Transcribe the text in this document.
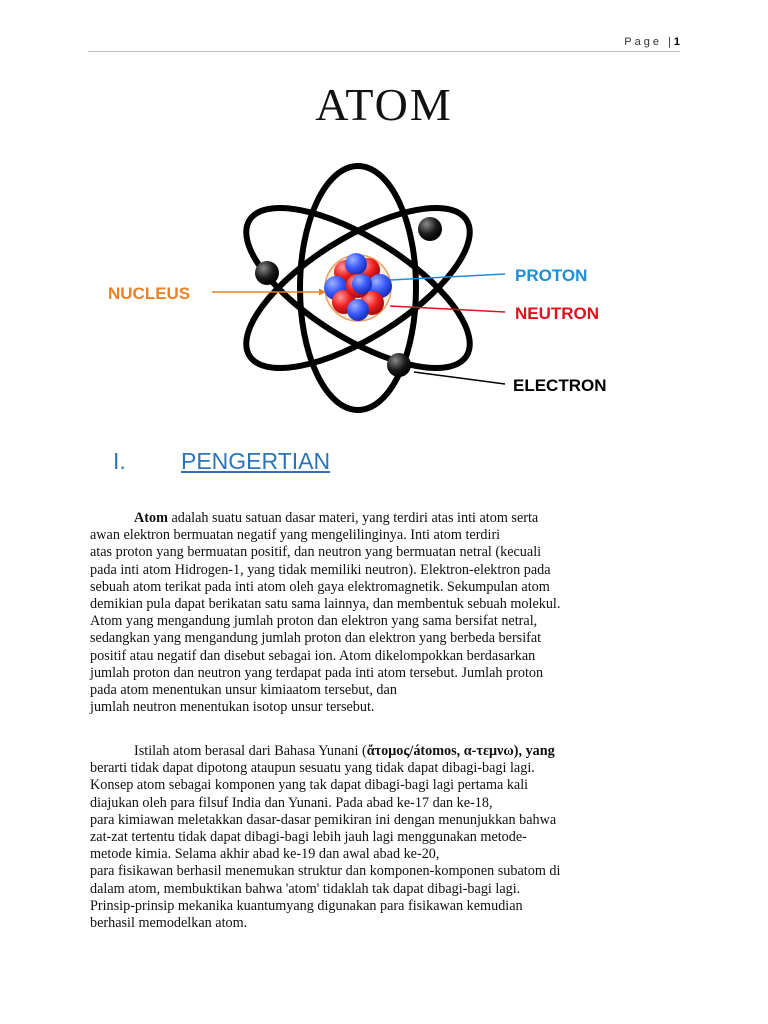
Page | 1
ATOM
NUCLEUS
PROTON
NEUTRON
ELECTRON
I. PENGERTIAN
Atom adalah suatu satuan dasar materi, yang terdiri atas inti atom serta
awan elektron bermuatan negatif yang mengelilinginya. Inti atom terdiri
atas proton yang bermuatan positif, dan neutron yang bermuatan netral (kecuali
pada inti atom Hidrogen-1, yang tidak memiliki neutron). Elektron-elektron pada
sebuah atom terikat pada inti atom oleh gaya elektromagnetik. Sekumpulan atom
demikian pula dapat berikatan satu sama lainnya, dan membentuk sebuah molekul.
Atom yang mengandung jumlah proton dan elektron yang sama bersifat netral,
sedangkan yang mengandung jumlah proton dan elektron yang berbeda bersifat
positif atau negatif dan disebut sebagai ion. Atom dikelompokkan berdasarkan
jumlah proton dan neutron yang terdapat pada inti atom tersebut. Jumlah proton
pada atom menentukan unsur kimiaatom tersebut, dan
jumlah neutron menentukan isotop unsur tersebut.
Istilah atom berasal dari Bahasa Yunani (ἄτομος/átomos, α-τεμνω), yang
berarti tidak dapat dipotong ataupun sesuatu yang tidak dapat dibagi-bagi lagi.
Konsep atom sebagai komponen yang tak dapat dibagi-bagi lagi pertama kali
diajukan oleh para filsuf India dan Yunani. Pada abad ke-17 dan ke-18,
para kimiawan meletakkan dasar-dasar pemikiran ini dengan menunjukkan bahwa
zat-zat tertentu tidak dapat dibagi-bagi lebih jauh lagi menggunakan metode-
metode kimia. Selama akhir abad ke-19 dan awal abad ke-20,
para fisikawan berhasil menemukan struktur dan komponen-komponen subatom di
dalam atom, membuktikan bahwa 'atom' tidaklah tak dapat dibagi-bagi lagi.
Prinsip-prinsip mekanika kuantumyang digunakan para fisikawan kemudian
berhasil memodelkan atom.
